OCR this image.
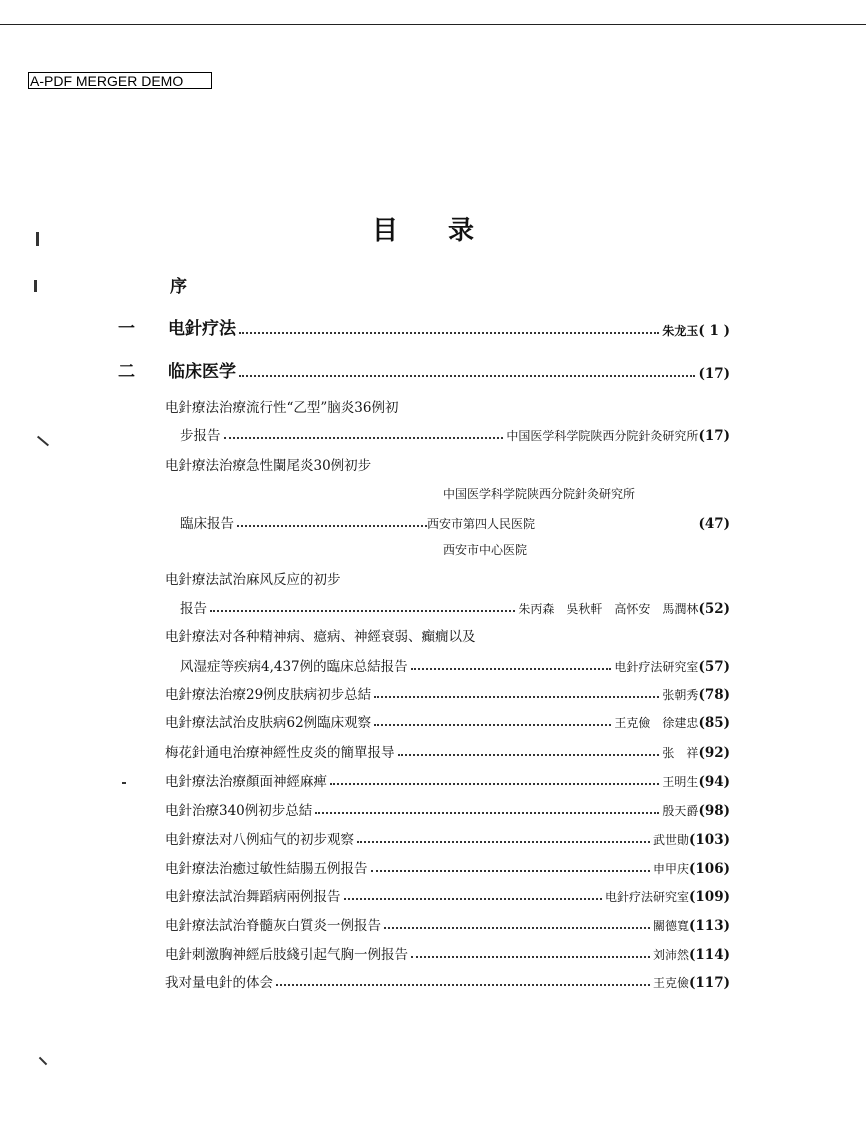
A-PDF MERGER DEMO
目录
序
一	电針疗法	朱龙玉 ( 1 )
二	临床医学	(17)
电針療法治療流行性“乙型”脑炎36例初
步报告	中国医学科学院陕西分院針灸研究所 (17)
电針療法治療急性闌尾炎30例初步
中国医学科学院陕西分院針灸研究所
臨床报告	西安市第四人民医院	(47)
西安市中心医院
电針療法試治麻风反应的初步
报告	朱丙森　吳秋軒　高怀安　馬潤林 (52)
电針療法对各种精神病、癔病、神經衰弱、癲癇以及
风湿症等疾病4,437例的臨床总結报告	电針疗法研究室 (57)
电針療法治療29例皮肤病初步总結	张朝秀 (78)
电針療法試治皮肤病62例臨床观察	王克儉　徐建忠 (85)
梅花針通电治療神經性皮炎的簡單报导	张　祥 (92)
电針療法治療顏面神經麻痺	王明生 (94)
电針治療340例初步总結	殷天爵 (98)
电針療法对八例疝气的初步观察	武世勛 (103)
电針療法治癒过敏性結腸五例报告	申甲庆 (106)
电針療法試治舞蹈病兩例报告	电針疗法研究室 (109)
电針療法試治脊髓灰白質炎一例报告	關德寬 (113)
电針刺激胸神經后肢綫引起气胸一例报告	刘沛然 (114)
我对量电針的体会	王克儉 (117)
